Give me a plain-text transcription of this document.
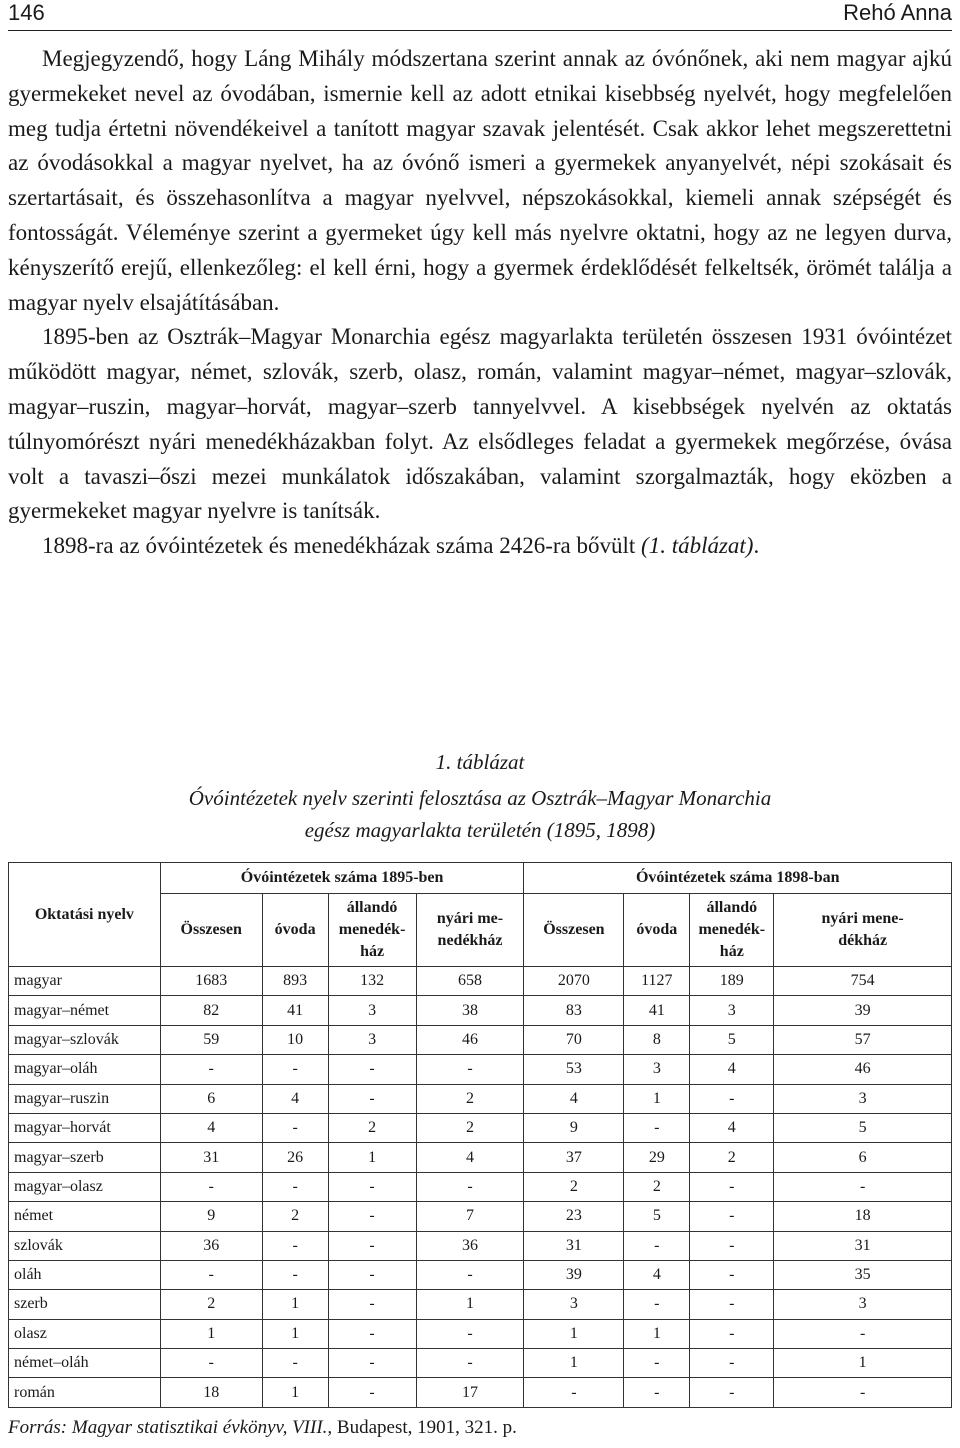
146	Rehó Anna

Megjegyzendő, hogy Láng Mihály módszertana szerint annak az óvónőnek, aki nem magyar ajkú gyermekeket nevel az óvodában, ismernie kell az adott etnikai kisebbség nyelvét, hogy megfelelően meg tudja értetni növendékeivel a tanított magyar szavak jelentését. Csak akkor lehet megszerettetni az óvodásokkal a magyar nyelvet, ha az óvónő ismeri a gyermekek anyanyelvét, népi szokásait és szertartásait, és összehasonlítva a magyar nyelvvel, népszokásokkal, kiemeli annak szépségét és fontosságát. Véleménye szerint a gyermeket úgy kell más nyelvre oktatni, hogy az ne legyen durva, kényszerítő erejű, ellenkezőleg: el kell érni, hogy a gyermek érdeklődését felkeltsék, örömét találja a magyar nyelv elsajátításában.

1895-ben az Osztrák–Magyar Monarchia egész magyarlakta területén összesen 1931 óvóintézet működött magyar, német, szlovák, szerb, olasz, román, valamint magyar–német, magyar–szlovák, magyar–ruszin, magyar–horvát, magyar–szerb tannyelvvel. A kisebbségek nyelvén az oktatás túlnyomórészt nyári menedékházakban folyt. Az elsődleges feladat a gyermekek megőrzése, óvása volt a tavaszi–őszi mezei munkálatok időszakában, valamint szorgalmazták, hogy eközben a gyermekeket magyar nyelvre is tanítsák.

1898-ra az óvóintézetek és menedékházak száma 2426-ra bővült (1. táblázat).

1. táblázat
Óvóintézetek nyelv szerinti felosztása az Osztrák–Magyar Monarchia
egész magyarlakta területén (1895, 1898)
Oktatási nyelv	Óvóintézetek száma 1895-ben				Óvóintézetek száma 1898-ban			
	Összesen	óvoda	állandó
menedék-
ház	nyári me-
nedékház	Összesen	óvoda	állandó
menedék-
ház	nyári mene-
dékház
magyar	1683	893	132	658	2070	1127	189	754
magyar–német	82	41	3	38	83	41	3	39
magyar–szlovák	59	10	3	46	70	8	5	57
magyar–oláh	-	-	-	-	53	3	4	46
magyar–ruszin	6	4	-	2	4	1	-	3
magyar–horvát	4	-	2	2	9	-	4	5
magyar–szerb	31	26	1	4	37	29	2	6
magyar–olasz	-	-	-	-	2	2	-	-
német	9	2	-	7	23	5	-	18
szlovák	36	-	-	36	31	-	-	31
oláh	-	-	-	-	39	4	-	35
szerb	2	1	-	1	3	-	-	3
olasz	1	1	-	-	1	1	-	-
német–oláh	-	-	-	-	1	-	-	1
román	18	1	-	17	-	-	-	-
Forrás: Magyar statisztikai évkönyv, VIII., Budapest, 1901, 321. p.
